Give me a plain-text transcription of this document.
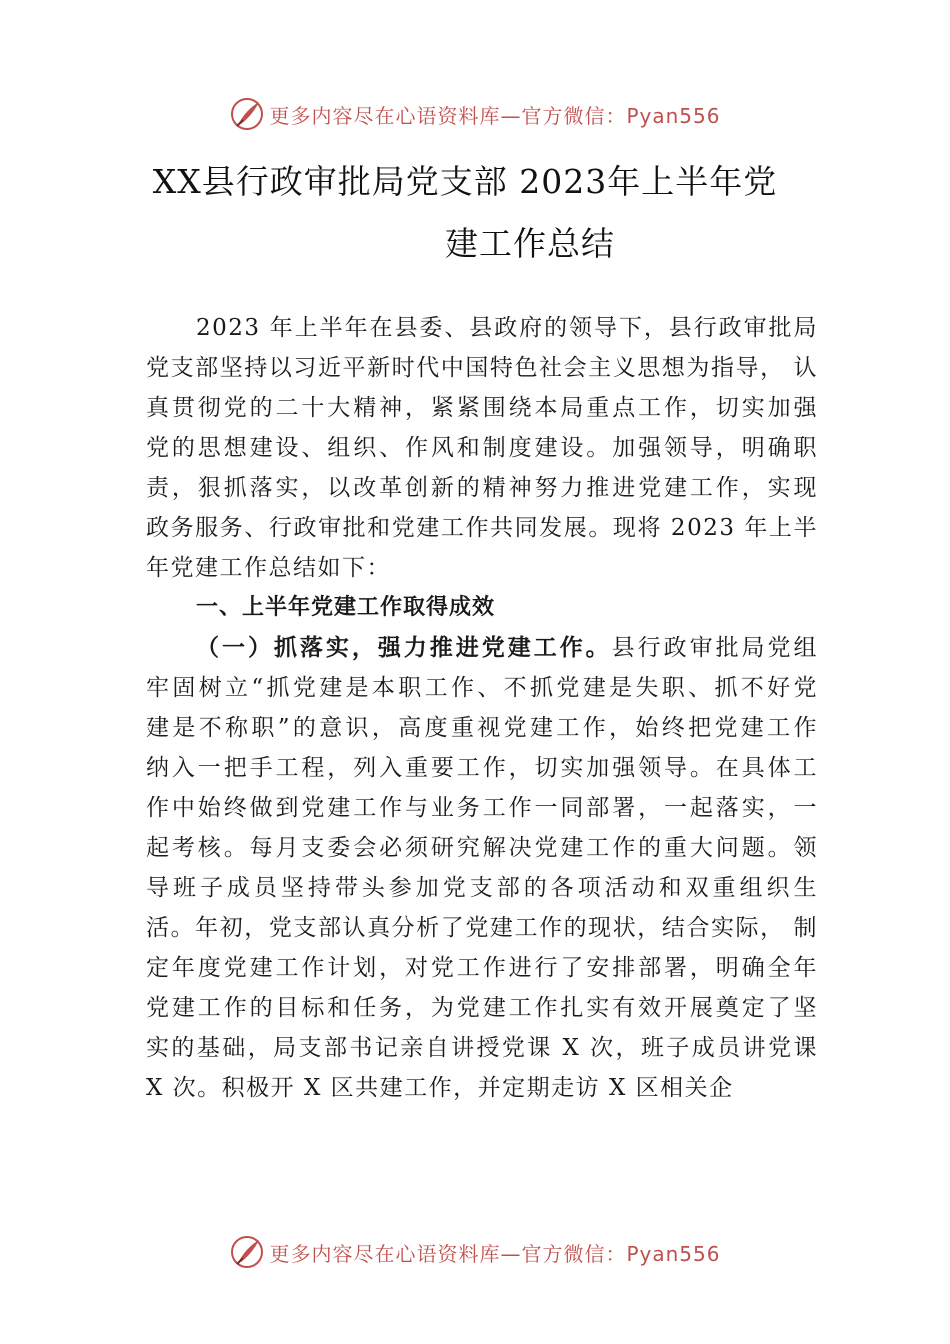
更多内容尽在心语资料库—官方微信：Pyan556
XX县行政审批局党支部 2023年上半年党
建工作总结
2023 年上半年在县委、县政府的领导下，县行政审批局
党支部坚持以习近平新时代中国特色社会主义思想为指导， 认
真贯彻党的二十大精神，紧紧围绕本局重点工作，切实加强
党的思想建设、组织、作风和制度建设。加强领导，明确职
责，狠抓落实，以改革创新的精神努力推进党建工作，实现
政务服务、行政审批和党建工作共同发展。现将 2023 年上半
年党建工作总结如下：
一、上半年党建工作取得成效
（一）抓落实，强力推进党建工作。县行政审批局党组
牢固树立“抓党建是本职工作、不抓党建是失职、抓不好党
建是不称职”的意识，高度重视党建工作，始终把党建工作
纳入一把手工程，列入重要工作，切实加强领导。在具体工
作中始终做到党建工作与业务工作一同部署，一起落实，一
起考核。每月支委会必须研究解决党建工作的重大问题。领
导班子成员坚持带头参加党支部的各项活动和双重组织生
活。年初，党支部认真分析了党建工作的现状，结合实际， 制
定年度党建工作计划，对党工作进行了安排部署，明确全年
党建工作的目标和任务，为党建工作扎实有效开展奠定了坚
实的基础，局支部书记亲自讲授党课 X 次，班子成员讲党课
X 次。积极开 X 区共建工作，并定期走访 X 区相关企
更多内容尽在心语资料库—官方微信：Pyan556
